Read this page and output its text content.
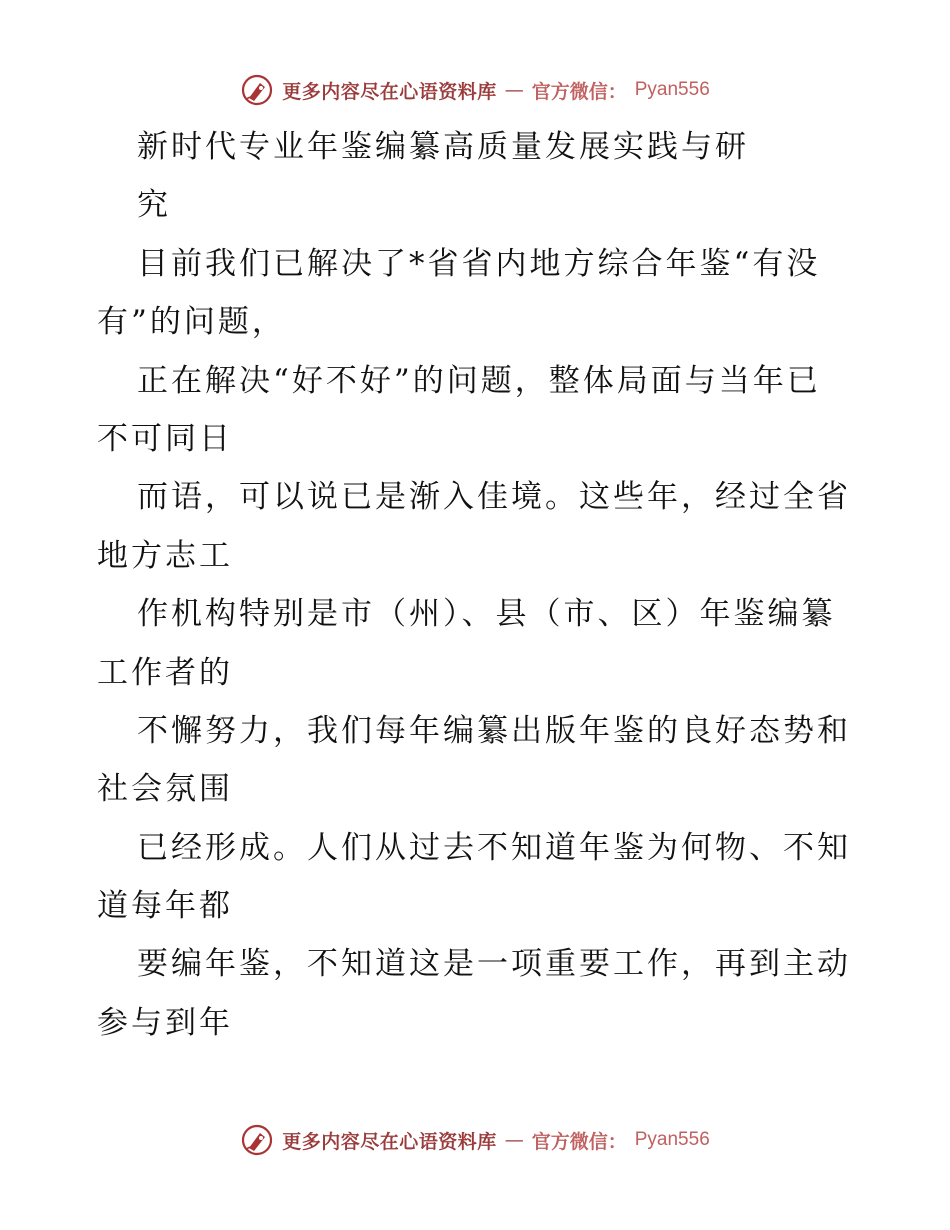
更多内容尽在心语资料库 — 官方微信： Pyan556
新时代专业年鉴编纂高质量发展实践与研
究
目前我们已解决了*省省内地方综合年鉴“有没
有”的问题，
正在解决“好不好”的问题，整体局面与当年已
不可同日
而语，可以说已是渐入佳境。这些年，经过全省
地方志工
作机构特别是市（州）、县（市、区）年鉴编纂
工作者的
不懈努力，我们每年编纂出版年鉴的良好态势和
社会氛围
已经形成。人们从过去不知道年鉴为何物、不知
道每年都
要编年鉴，不知道这是一项重要工作，再到主动
参与到年
更多内容尽在心语资料库 — 官方微信： Pyan556
